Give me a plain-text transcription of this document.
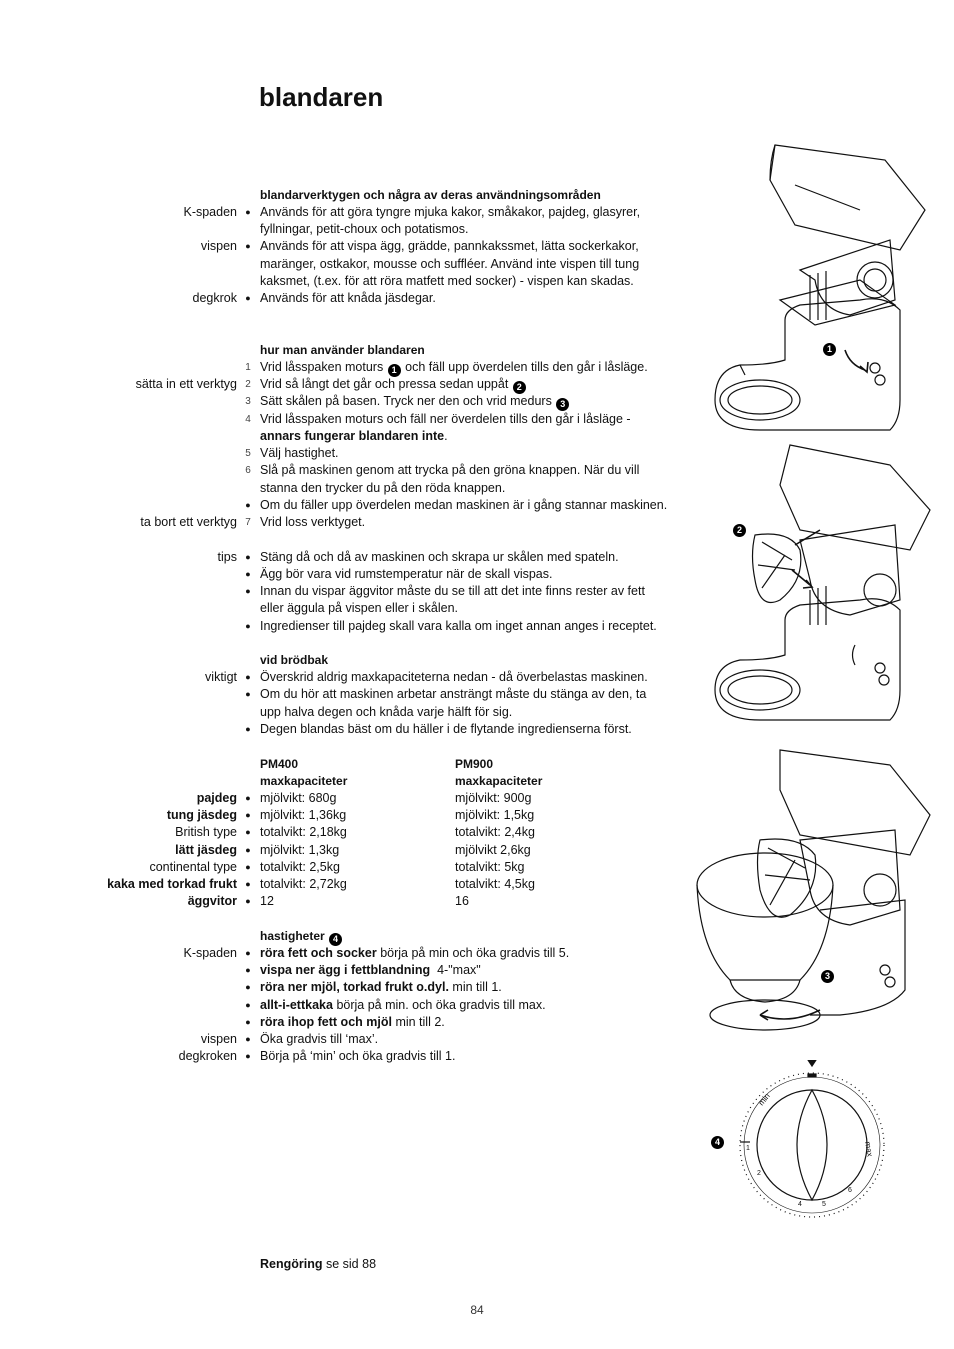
blandaren
blandarverktygen och några av deras användningsområden
K-spaden ● Används för att göra tyngre mjuka kakor, småkakor, pajdeg, glasyrer,
fyllningar, petit-choux och potatismos.
vispen ● Används för att vispa ägg, grädde, pannkakssmet, lätta sockerkakor,
maränger, ostkakor, mousse och suffléer. Använd inte vispen till tung
kaksmet, (t.ex. för att röra matfett med socker) - vispen kan skadas.
degkrok ● Används för att knåda jäsdegar.
hur man använder blandaren
1 Vrid låsspaken moturs 1 och fäll upp överdelen tills den går i låsläge.
sätta in ett verktyg 2 Vrid så långt det går och pressa sedan uppåt 2
3 Sätt skålen på basen. Tryck ner den och vrid medurs 3
4 Vrid låsspaken moturs och fäll ner överdelen tills den går i låsläge -
annars fungerar blandaren inte.
5 Välj hastighet.
6 Slå på maskinen genom att trycka på den gröna knappen. När du vill
stanna den trycker du på den röda knappen.
● Om du fäller upp överdelen medan maskinen är i gång stannar maskinen.
ta bort ett verktyg 7 Vrid loss verktyget.
tips ● Stäng då och då av maskinen och skrapa ur skålen med spateln.
● Ägg bör vara vid rumstemperatur när de skall vispas.
● Innan du vispar äggvitor måste du se till att det inte finns rester av fett
eller äggula på vispen eller i skålen.
● Ingredienser till pajdeg skall vara kalla om inget annan anges i receptet.
vid brödbak
viktigt ● Överskrid aldrig maxkapaciteterna nedan - då överbelastas maskinen.
● Om du hör att maskinen arbetar ansträngt måste du stänga av den, ta
upp halva degen och knåda varje hälft för sig.
● Degen blandas bäst om du häller i de flytande ingredienserna först.
PM400	PM900
maxkapaciteter	maxkapaciteter
pajdeg ● mjölvikt: 680g	mjölvikt: 900g
tung jäsdeg ● mjölvikt: 1,36kg	mjölvikt: 1,5kg
British type ● totalvikt: 2,18kg	totalvikt: 2,4kg
lätt jäsdeg ● mjölvikt: 1,3kg	mjölvikt 2,6kg
continental type ● totalvikt: 2,5kg	totalvikt: 5kg
kaka med torkad frukt ● totalvikt: 2,72kg	totalvikt: 4,5kg
äggvitor ● 12	16
hastigheter 4
K-spaden ● röra fett och socker börja på min och öka gradvis till 5.
● vispa ner ägg i fettblandning 4-"max"
● röra ner mjöl, torkad frukt o.dyl. min till 1.
● allt-i-ettkaka börja på min. och öka gradvis till max.
● röra ihop fett och mjöl min till 2.
vispen ● Öka gradvis till ‘max’.
degkroken ● Börja på ‘min’ och öka gradvis till 1.
Rengöring se sid 88
84
1
2
3
min
max
1
2
4	5
6
4
